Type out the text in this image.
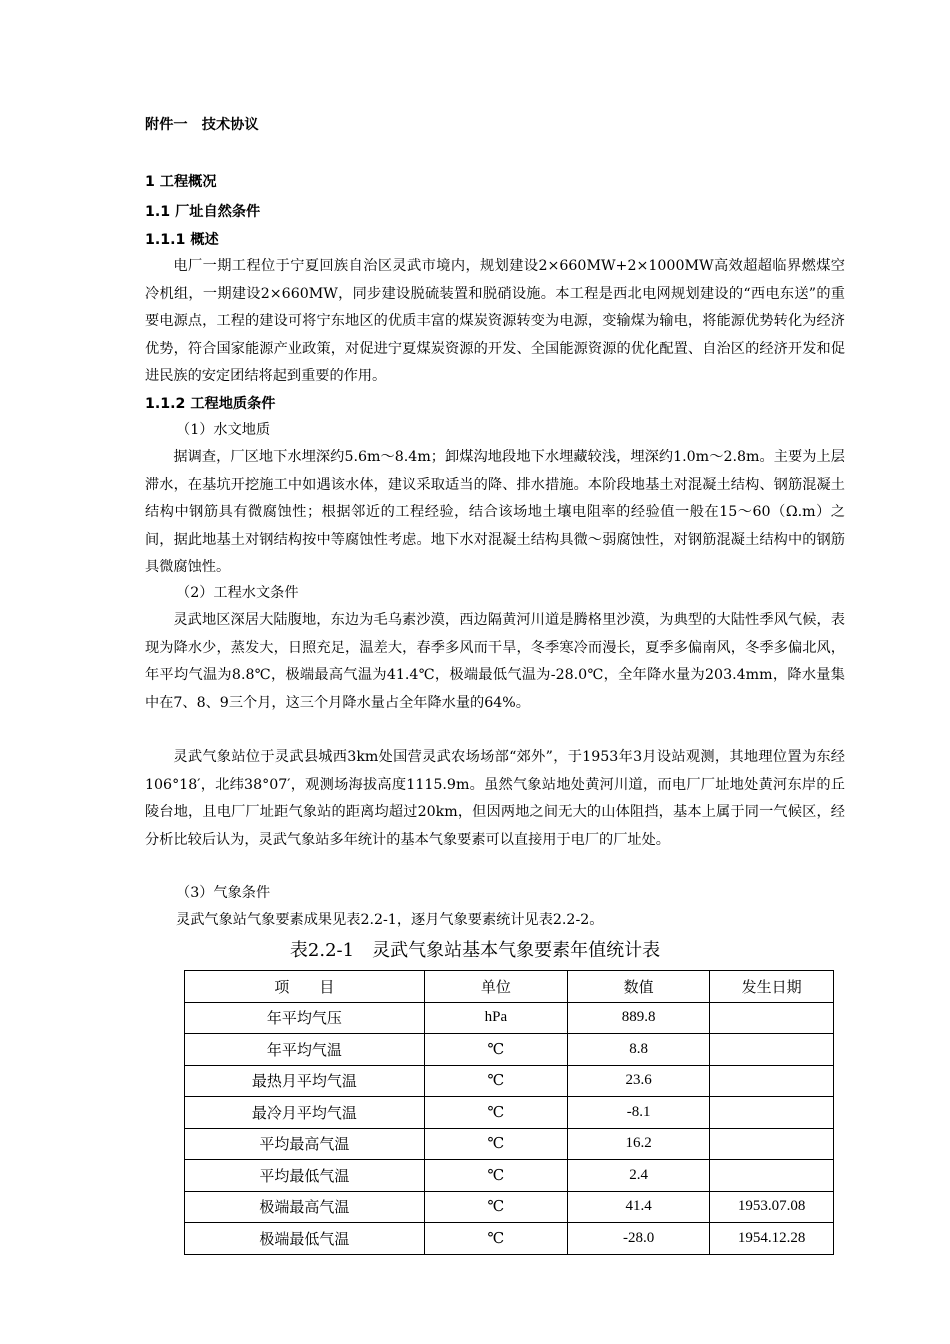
附件一　技术协议
1 工程概况
1.1 厂址自然条件
1.1.1 概述
电厂一期工程位于宁夏回族自治区灵武市境内，规划建设2×660MW+2×1000MW高效超超临界燃煤空冷机组，一期建设2×660MW，同步建设脱硫装置和脱硝设施。本工程是西北电网规划建设的“西电东送”的重要电源点，工程的建设可将宁东地区的优质丰富的煤炭资源转变为电源，变输煤为输电，将能源优势转化为经济优势，符合国家能源产业政策，对促进宁夏煤炭资源的开发、全国能源资源的优化配置、自治区的经济开发和促进民族的安定团结将起到重要的作用。
1.1.2 工程地质条件
（1）水文地质
据调查，厂区地下水埋深约5.6m～8.4m；卸煤沟地段地下水埋藏较浅，埋深约1.0m～2.8m。主要为上层滞水，在基坑开挖施工中如遇该水体，建议采取适当的降、排水措施。本阶段地基土对混凝土结构、钢筋混凝土结构中钢筋具有微腐蚀性；根据邻近的工程经验，结合该场地土壤电阻率的经验值一般在15～60（Ω.m）之间，据此地基土对钢结构按中等腐蚀性考虑。地下水对混凝土结构具微～弱腐蚀性，对钢筋混凝土结构中的钢筋具微腐蚀性。
（2）工程水文条件
灵武地区深居大陆腹地，东边为毛乌素沙漠，西边隔黄河川道是腾格里沙漠，为典型的大陆性季风气候，表现为降水少，蒸发大，日照充足，温差大，春季多风而干旱，冬季寒冷而漫长，夏季多偏南风，冬季多偏北风，年平均气温为8.8℃，极端最高气温为41.4℃，极端最低气温为-28.0℃，全年降水量为203.4mm，降水量集中在7、8、9三个月，这三个月降水量占全年降水量的64%。
灵武气象站位于灵武县城西3km处国营灵武农场场部“郊外”，于1953年3月设站观测，其地理位置为东经106°18′，北纬38°07′，观测场海拔高度1115.9m。虽然气象站地处黄河川道，而电厂厂址地处黄河东岸的丘陵台地，且电厂厂址距气象站的距离均超过20km，但因两地之间无大的山体阻挡，基本上属于同一气候区，经分析比较后认为，灵武气象站多年统计的基本气象要素可以直接用于电厂的厂址处。
（3）气象条件
灵武气象站气象要素成果见表2.2-1，逐月气象要素统计见表2.2-2。
表2.2-1　灵武气象站基本气象要素年值统计表
项　　目	单位	数值	发生日期
年平均气压	hPa	889.8	
年平均气温	℃	8.8	
最热月平均气温	℃	23.6	
最冷月平均气温	℃	-8.1	
平均最高气温	℃	16.2	
平均最低气温	℃	2.4	
极端最高气温	℃	41.4	1953.07.08
极端最低气温	℃	-28.0	1954.12.28
